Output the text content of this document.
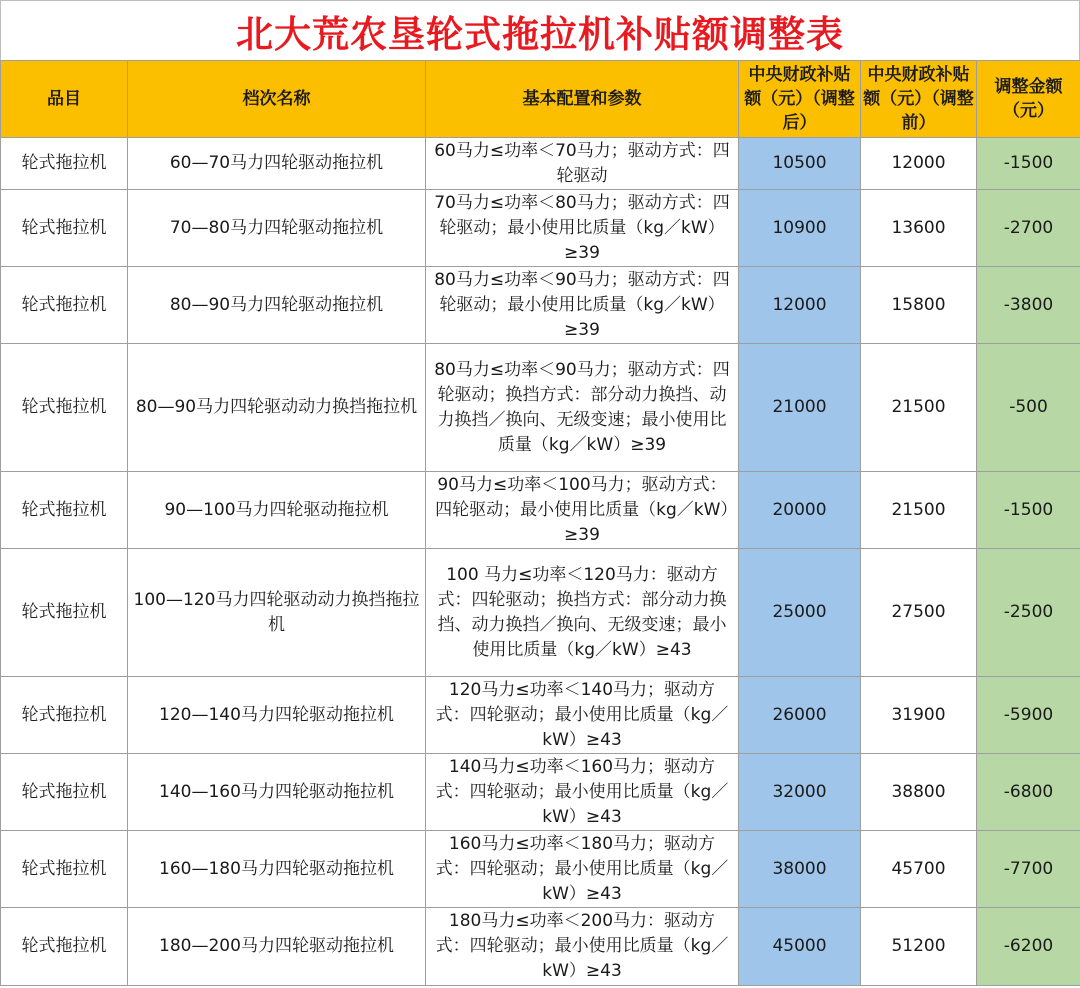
北大荒农垦轮式拖拉机补贴额调整表
品目	档次名称	基本配置和参数	中央财政补贴额（元）（调整后）	中央财政补贴额（元）（调整前）	调整金额（元）
轮式拖拉机	60—70马力四轮驱动拖拉机	60马力≤功率＜70马力；驱动方式：四轮驱动	10500	12000	-1500
轮式拖拉机	70—80马力四轮驱动拖拉机	70马力≤功率＜80马力；驱动方式：四轮驱动；最小使用比质量（kg／kW）≥39	10900	13600	-2700
轮式拖拉机	80—90马力四轮驱动拖拉机	80马力≤功率＜90马力；驱动方式：四轮驱动；最小使用比质量（kg／kW）≥39	12000	15800	-3800
轮式拖拉机	80—90马力四轮驱动动力换挡拖拉机	80马力≤功率＜90马力；驱动方式：四轮驱动；换挡方式：部分动力换挡、动力换挡／换向、无级变速；最小使用比质量（kg／kW）≥39	21000	21500	-500
轮式拖拉机	90—100马力四轮驱动拖拉机	90马力≤功率＜100马力；驱动方式：四轮驱动；最小使用比质量（kg／kW）≥39	20000	21500	-1500
轮式拖拉机	100—120马力四轮驱动动力换挡拖拉机	100 马力≤功率＜120马力：驱动方式：四轮驱动；换挡方式：部分动力换挡、动力换挡／换向、无级变速；最小使用比质量（kg／kW）≥43	25000	27500	-2500
轮式拖拉机	120—140马力四轮驱动拖拉机	120马力≤功率＜140马力；驱动方式：四轮驱动；最小使用比质量（kg／kW）≥43	26000	31900	-5900
轮式拖拉机	140—160马力四轮驱动拖拉机	140马力≤功率＜160马力；驱动方式：四轮驱动；最小使用比质量（kg／kW）≥43	32000	38800	-6800
轮式拖拉机	160—180马力四轮驱动拖拉机	160马力≤功率＜180马力；驱动方式：四轮驱动；最小使用比质量（kg／kW）≥43	38000	45700	-7700
轮式拖拉机	180—200马力四轮驱动拖拉机	180马力≤功率＜200马力：驱动方式：四轮驱动；最小使用比质量（kg／kW）≥43	45000	51200	-6200
